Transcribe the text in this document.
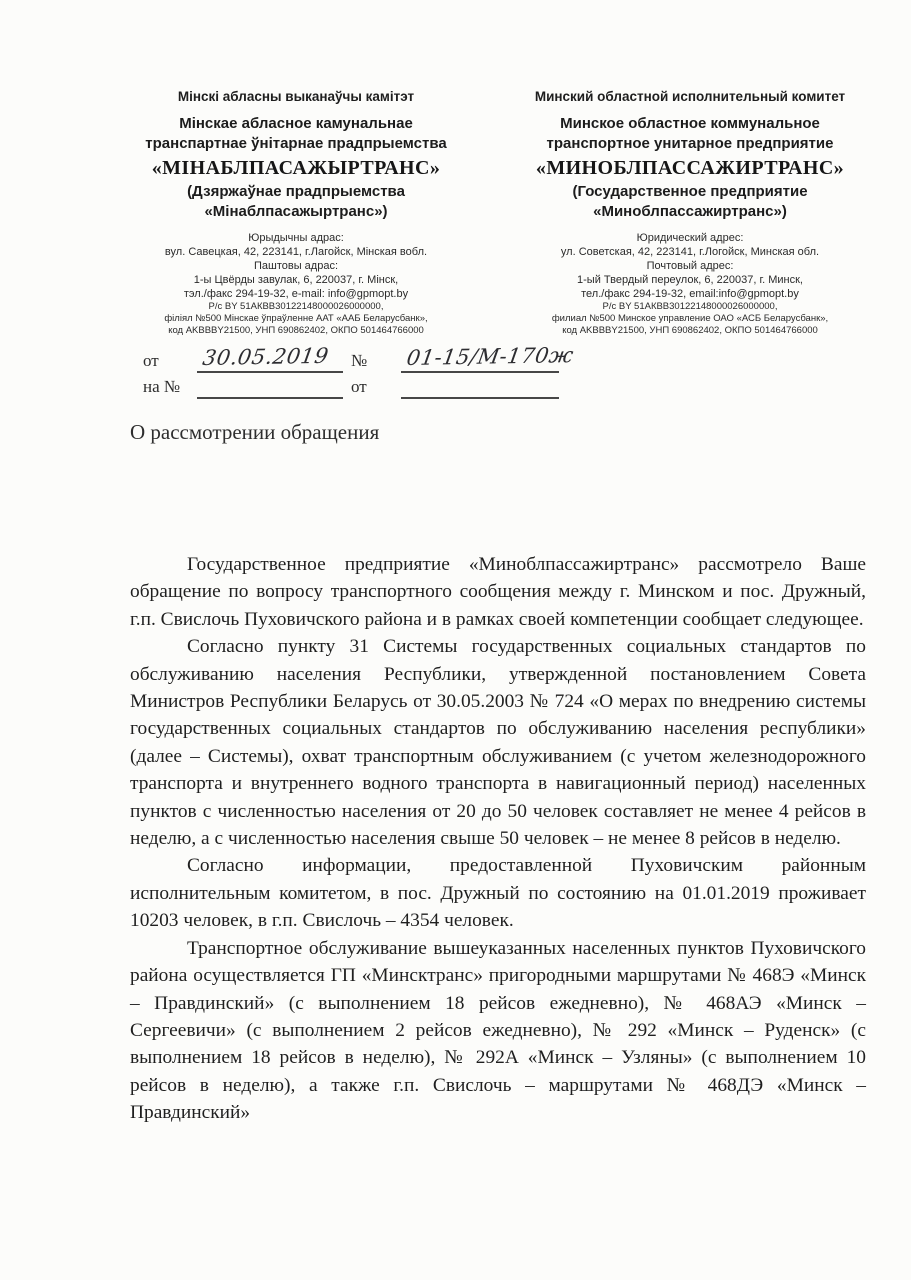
Мінскі абласны выканаўчы камітэт
Мінскае абласное камунальнае
транспартнае ўнітарнае прадпрыемства
«МІНАБЛПАСАЖЫРТРАНС»
(Дзяржаўнае прадпрыемства
«Мінаблпасажыртранс»)
Юрыдычны адрас:
вул. Савецкая, 42, 223141, г.Лагойск, Мінская вобл.
Паштовы адрас:
1-ы Цвёрды завулак, 6, 220037, г. Мінск,
тэл./факс 294-19-32, e-mail: info@gpmopt.by
Р/с BY 51АКВВ30122148000026000000,
філіял №500 Мінскае ўпраўленне ААТ «ААБ Беларусбанк»,
код AKBBBY21500, УНП 690862402, ОКПО 501464766000
Минский областной исполнительный комитет
Минское областное коммунальное
транспортное унитарное предприятие
«МИНОБЛПАССАЖИРТРАНС»
(Государственное предприятие
«Миноблпассажиртранс»)
Юридический адрес:
ул. Советская, 42, 223141, г.Логойск, Минская обл.
Почтовый адрес:
1-ый Твердый переулок, 6, 220037, г. Минск,
тел./факс 294-19-32, email:info@gpmopt.by
Р/с BY 51АКВВ30122148000026000000,
филиал №500 Минское управление ОАО «АСБ Беларусбанк»,
код AKBBBY21500, УНП 690862402, ОКПО 501464766000
от	30.05.2019 №	01-15/М-170ж
на №	от
О рассмотрении обращения

Государственное предприятие «Миноблпассажиртранс» рассмотрело Ваше обращение по вопросу транспортного сообщения между г. Минском и пос. Дружный, г.п. Свислочь Пуховичского района и в рамках своей компетенции сообщает следующее.

Согласно пункту 31 Системы государственных социальных стандартов по обслуживанию населения Республики, утвержденной постановлением Совета Министров Республики Беларусь от 30.05.2003 № 724 «О мерах по внедрению системы государственных социальных стандартов по обслуживанию населения республики» (далее – Системы), охват транспортным обслуживанием (с учетом железнодорожного транспорта и внутреннего водного транспорта в навигационный период) населенных пунктов с численностью населения от 20 до 50 человек составляет не менее 4 рейсов в неделю, а с численностью населения свыше 50 человек – не менее 8 рейсов в неделю.

Согласно информации, предоставленной Пуховичским районным исполнительным комитетом, в пос. Дружный по состоянию на 01.01.2019 проживает 10203 человек, в г.п. Свислочь – 4354 человек.

Транспортное обслуживание вышеуказанных населенных пунктов Пуховичского района осуществляется ГП «Минсктранс» пригородными маршрутами № 468Э «Минск – Правдинский» (с выполнением 18 рейсов ежедневно), № 468АЭ «Минск – Сергеевичи» (с выполнением 2 рейсов ежедневно), № 292 «Минск – Руденск» (с выполнением 18 рейсов в неделю), № 292А «Минск – Узляны» (с выполнением 10 рейсов в неделю), а также г.п. Свислочь – маршрутами № 468ДЭ «Минск – Правдинский»
